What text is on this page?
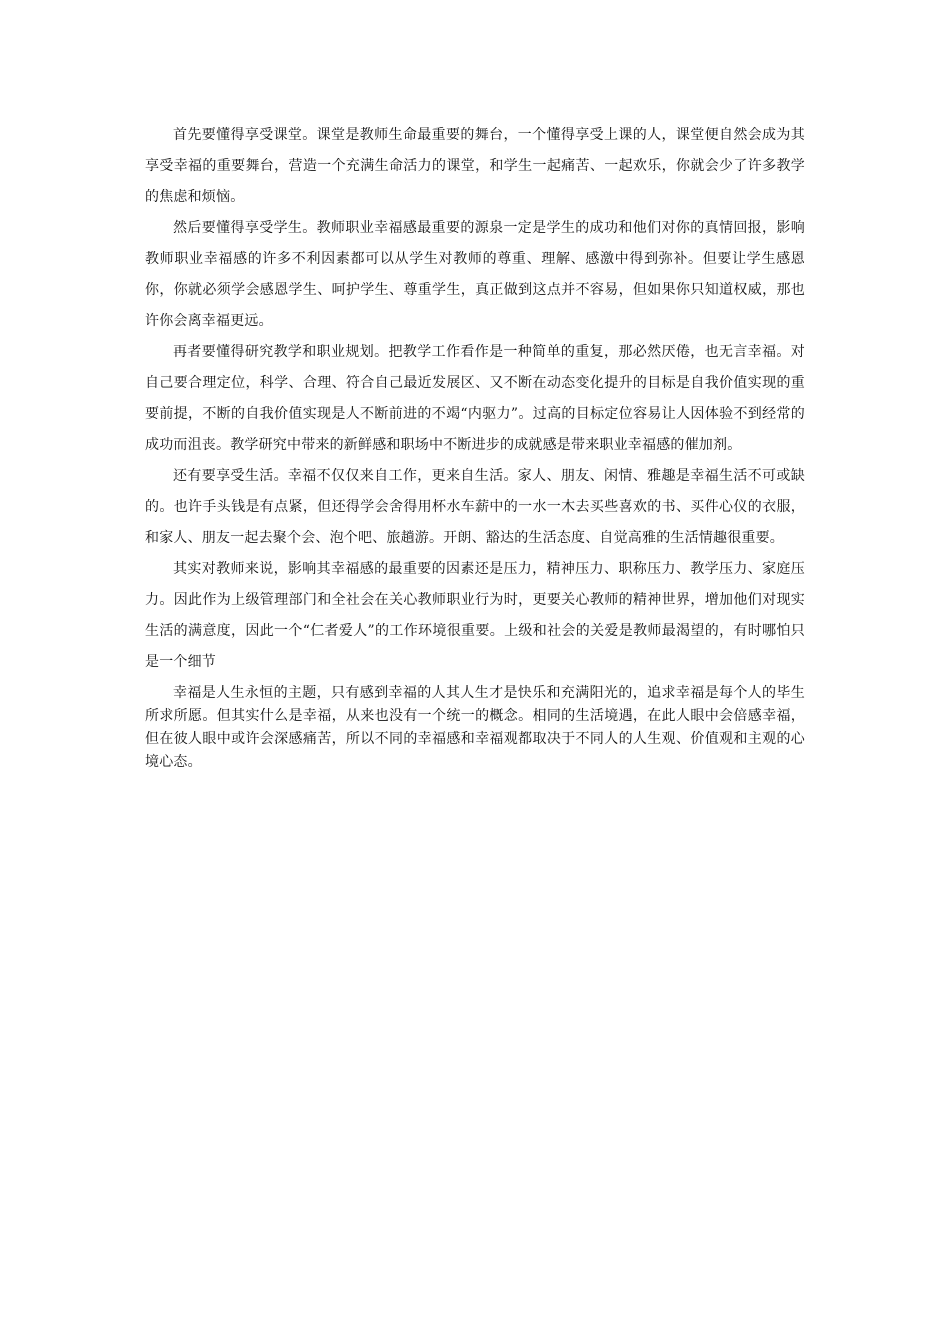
首先要懂得享受课堂。课堂是教师生命最重要的舞台，一个懂得享受上课的人，课堂便自然会成为其享受幸福的重要舞台，营造一个充满生命活力的课堂，和学生一起痛苦、一起欢乐，你就会少了许多教学的焦虑和烦恼。

然后要懂得享受学生。教师职业幸福感最重要的源泉一定是学生的成功和他们对你的真情回报，影响教师职业幸福感的许多不利因素都可以从学生对教师的尊重、理解、感激中得到弥补。但要让学生感恩你，你就必须学会感恩学生、呵护学生、尊重学生，真正做到这点并不容易，但如果你只知道权威，那也许你会离幸福更远。

再者要懂得研究教学和职业规划。把教学工作看作是一种简单的重复，那必然厌倦，也无言幸福。对自己要合理定位，科学、合理、符合自己最近发展区、又不断在动态变化提升的目标是自我价值实现的重要前提，不断的自我价值实现是人不断前进的不竭“内驱力”。过高的目标定位容易让人因体验不到经常的成功而沮丧。教学研究中带来的新鲜感和职场中不断进步的成就感是带来职业幸福感的催加剂。

还有要享受生活。幸福不仅仅来自工作，更来自生活。家人、朋友、闲情、雅趣是幸福生活不可或缺的。也许手头钱是有点紧，但还得学会舍得用杯水车薪中的一水一木去买些喜欢的书、买件心仪的衣服，和家人、朋友一起去聚个会、泡个吧、旅趟游。开朗、豁达的生活态度、自觉高雅的生活情趣很重要。

其实对教师来说，影响其幸福感的最重要的因素还是压力，精神压力、职称压力、教学压力、家庭压力。因此作为上级管理部门和全社会在关心教师职业行为时，更要关心教师的精神世界，增加他们对现实生活的满意度，因此一个“仁者爱人”的工作环境很重要。上级和社会的关爱是教师最渴望的，有时哪怕只是一个细节

幸福是人生永恒的主题，只有感到幸福的人其人生才是快乐和充满阳光的，追求幸福是每个人的毕生所求所愿。但其实什么是幸福，从来也没有一个统一的概念。相同的生活境遇，在此人眼中会倍感幸福，但在彼人眼中或许会深感痛苦，所以不同的幸福感和幸福观都取决于不同人的人生观、价值观和主观的心境心态。
